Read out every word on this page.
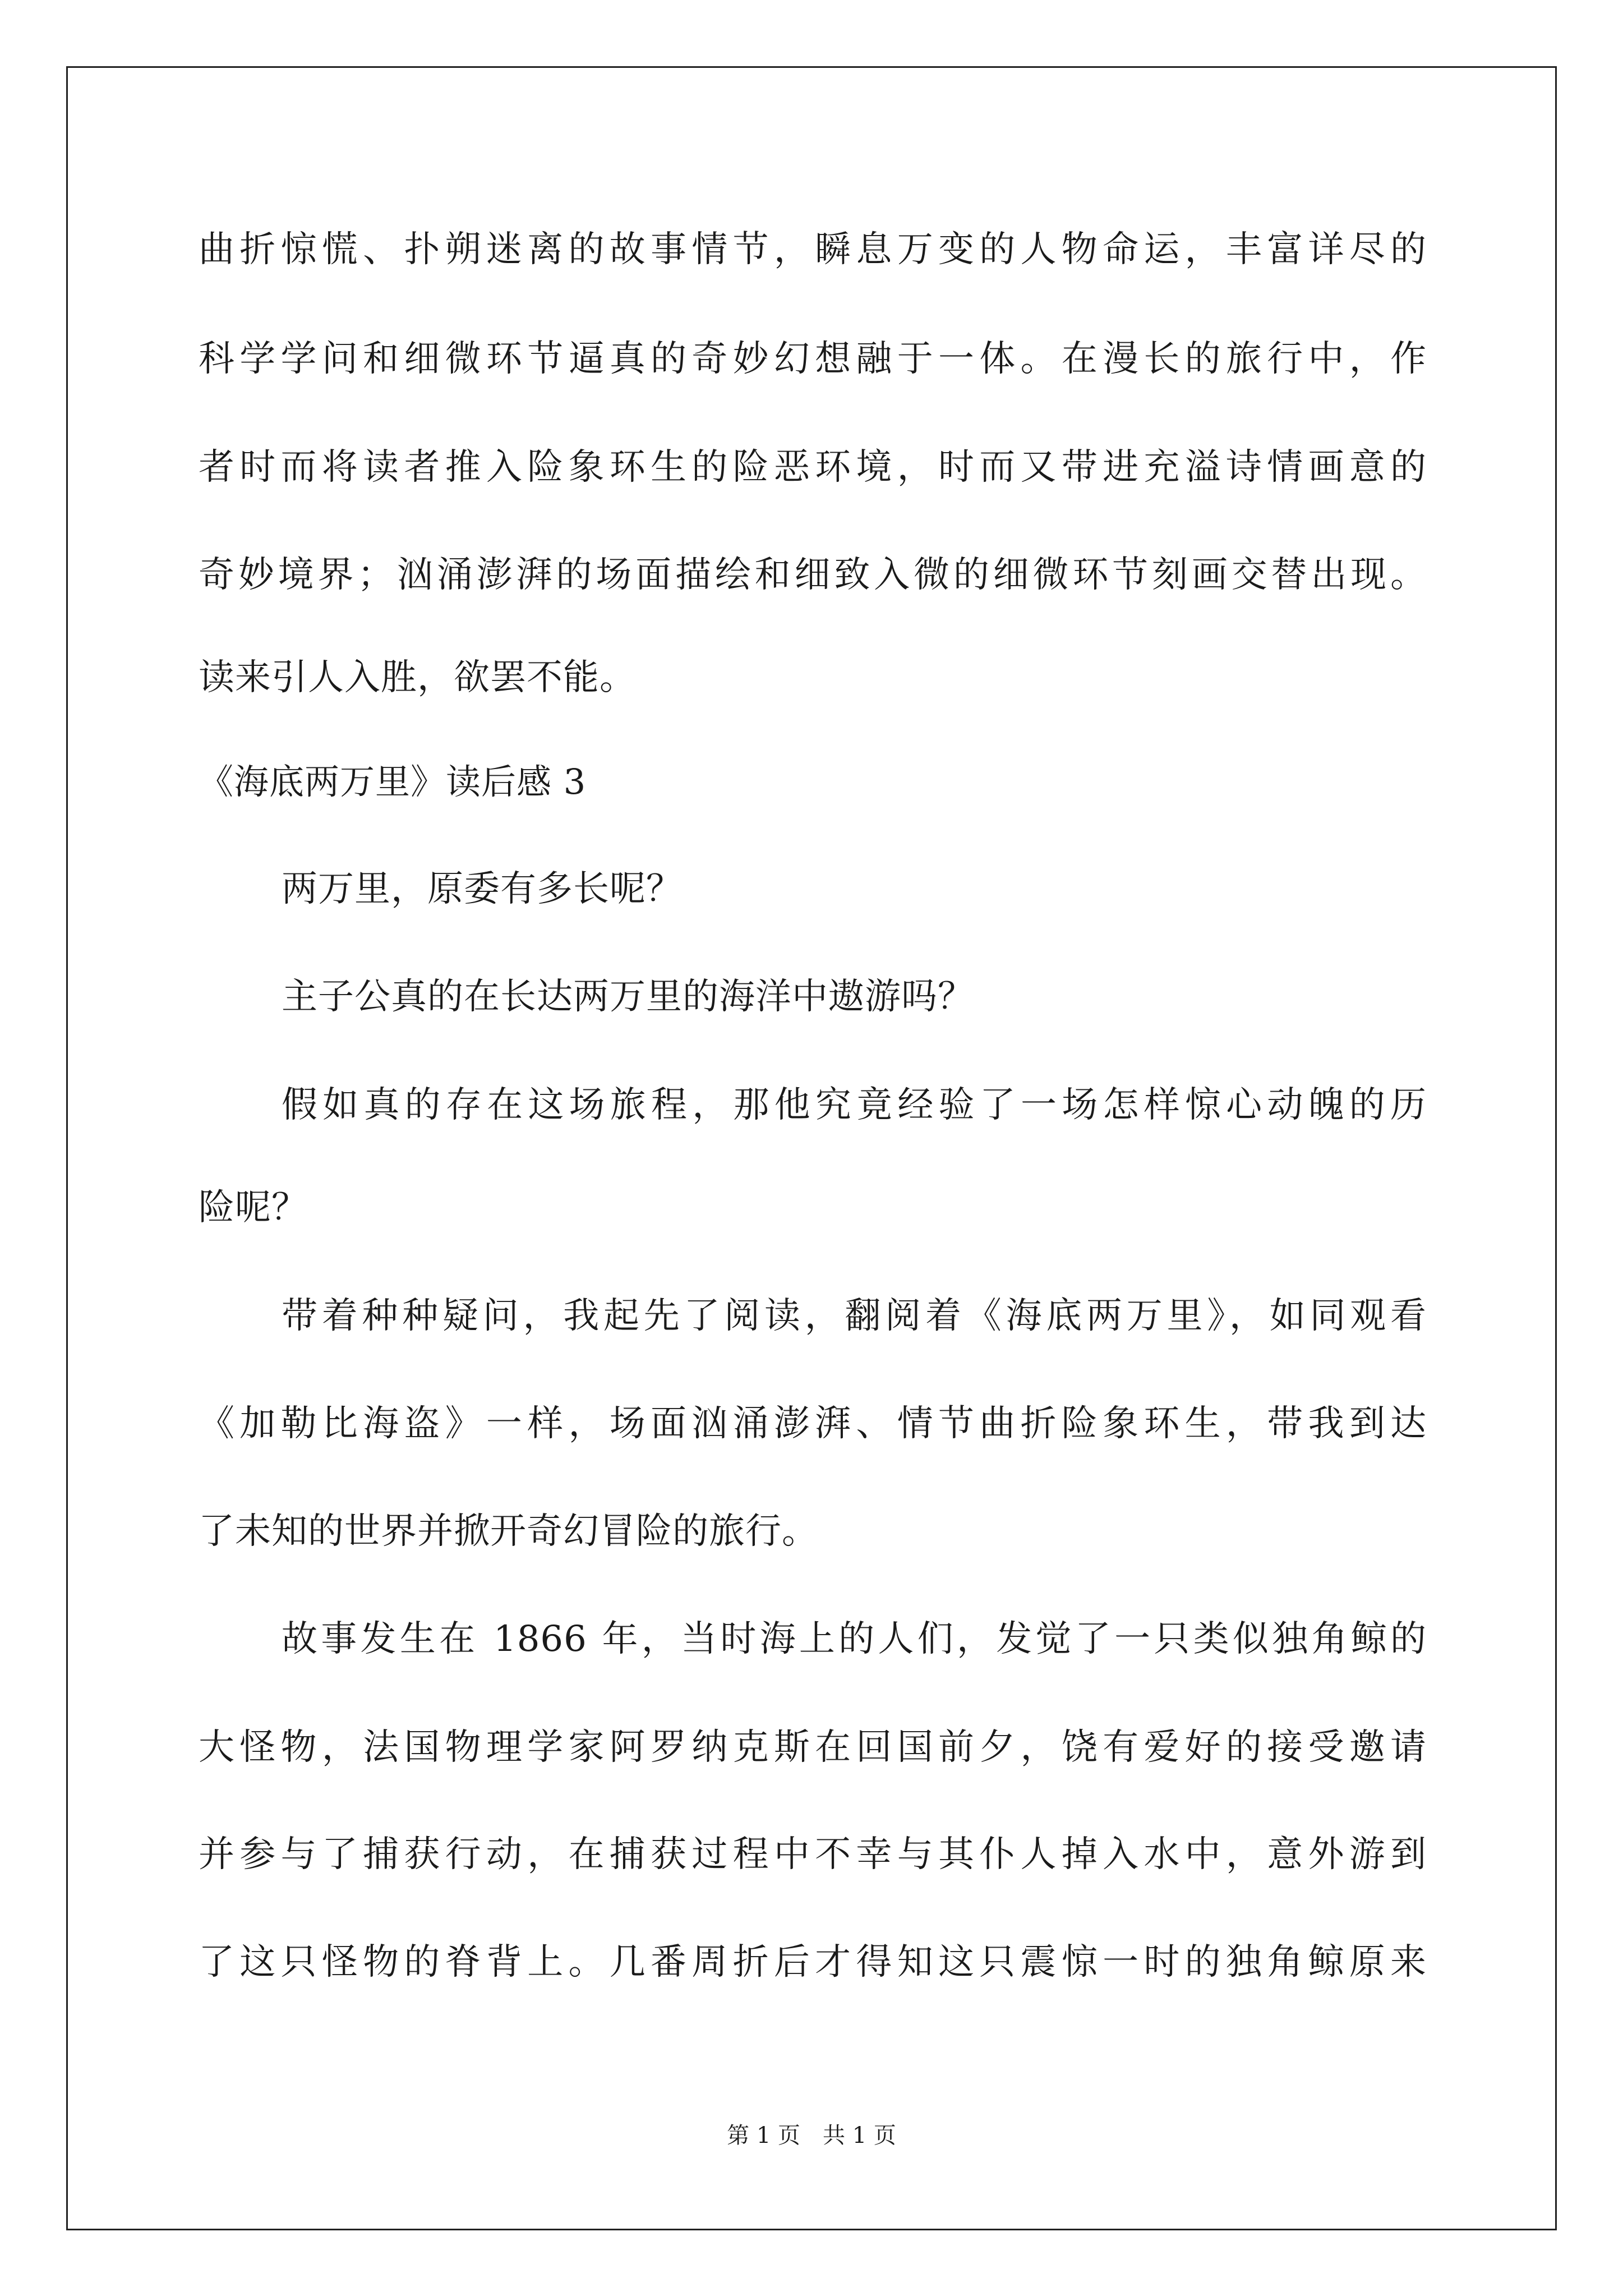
曲折惊慌、扑朔迷离的故事情节，瞬息万变的人物命运，丰富详尽的
科学学问和细微环节逼真的奇妙幻想融于一体。在漫长的旅行中，作
者时而将读者推入险象环生的险恶环境，时而又带进充溢诗情画意的
奇妙境界；汹涌澎湃的场面描绘和细致入微的细微环节刻画交替出现。
读来引人入胜，欲罢不能。
《海底两万里》读后感 3
两万里，原委有多长呢？
主子公真的在长达两万里的海洋中遨游吗？
假如真的存在这场旅程，那他究竟经验了一场怎样惊心动魄的历
险呢？
带着种种疑问，我起先了阅读，翻阅着《海底两万里》，如同观看
《加勒比海盗》一样，场面汹涌澎湃、情节曲折险象环生，带我到达
了未知的世界并掀开奇幻冒险的旅行。
故事发生在 1866 年，当时海上的人们，发觉了一只类似独角鲸的
大怪物，法国物理学家阿罗纳克斯在回国前夕，饶有爱好的接受邀请
并参与了捕获行动，在捕获过程中不幸与其仆人掉入水中，意外游到
了这只怪物的脊背上。几番周折后才得知这只震惊一时的独角鲸原来
第 1 页　共 1 页
